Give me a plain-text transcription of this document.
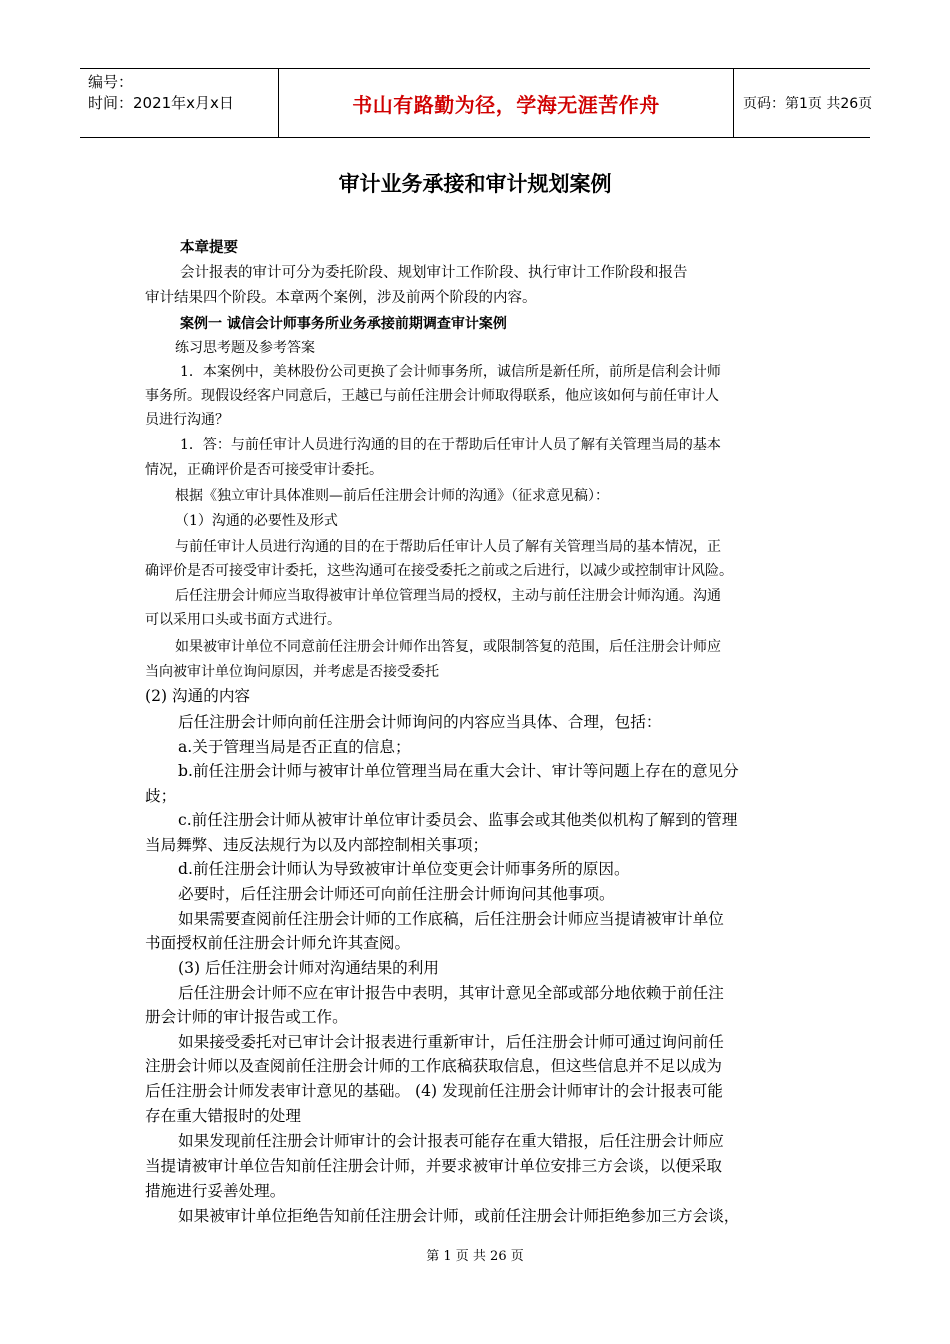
编号：
时间：2021年x月x日	书山有路勤为径，学海无涯苦作舟	页码：第1页 共26页
审计业务承接和审计规划案例
本章提要
会计报表的审计可分为委托阶段、规划审计工作阶段、执行审计工作阶段和报告
审计结果四个阶段。本章两个案例，涉及前两个阶段的内容。
案例一 诚信会计师事务所业务承接前期调查审计案例
练习思考题及参考答案
1．本案例中，美林股份公司更换了会计师事务所，诚信所是新任所，前所是信利会计师
事务所。现假设经客户同意后，王越已与前任注册会计师取得联系，他应该如何与前任审计人
员进行沟通？
1．答：与前任审计人员进行沟通的目的在于帮助后任审计人员了解有关管理当局的基本
情况，正确评价是否可接受审计委托。
根据《独立审计具体准则—前后任注册会计师的沟通》（征求意见稿）：
（1）沟通的必要性及形式
与前任审计人员进行沟通的目的在于帮助后任审计人员了解有关管理当局的基本情况，正
确评价是否可接受审计委托，这些沟通可在接受委托之前或之后进行，以减少或控制审计风险。
后任注册会计师应当取得被审计单位管理当局的授权，主动与前任注册会计师沟通。沟通
可以采用口头或书面方式进行。
如果被审计单位不同意前任注册会计师作出答复，或限制答复的范围，后任注册会计师应
当向被审计单位询问原因，并考虑是否接受委托
(2) 沟通的内容
后任注册会计师向前任注册会计师询问的内容应当具体、合理，包括：
a.关于管理当局是否正直的信息；
b.前任注册会计师与被审计单位管理当局在重大会计、审计等问题上存在的意见分
歧；
c.前任注册会计师从被审计单位审计委员会、监事会或其他类似机构了解到的管理
当局舞弊、违反法规行为以及内部控制相关事项；
d.前任注册会计师认为导致被审计单位变更会计师事务所的原因。
必要时，后任注册会计师还可向前任注册会计师询问其他事项。
如果需要查阅前任注册会计师的工作底稿，后任注册会计师应当提请被审计单位
书面授权前任注册会计师允许其查阅。
(3) 后任注册会计师对沟通结果的利用
后任注册会计师不应在审计报告中表明，其审计意见全部或部分地依赖于前任注
册会计师的审计报告或工作。
如果接受委托对已审计会计报表进行重新审计，后任注册会计师可通过询问前任
注册会计师以及查阅前任注册会计师的工作底稿获取信息，但这些信息并不足以成为
后任注册会计师发表审计意见的基础。 (4) 发现前任注册会计师审计的会计报表可能
存在重大错报时的处理
如果发现前任注册会计师审计的会计报表可能存在重大错报，后任注册会计师应
当提请被审计单位告知前任注册会计师，并要求被审计单位安排三方会谈，以便采取
措施进行妥善处理。
如果被审计单位拒绝告知前任注册会计师，或前任注册会计师拒绝参加三方会谈，
第 1 页 共 26 页
